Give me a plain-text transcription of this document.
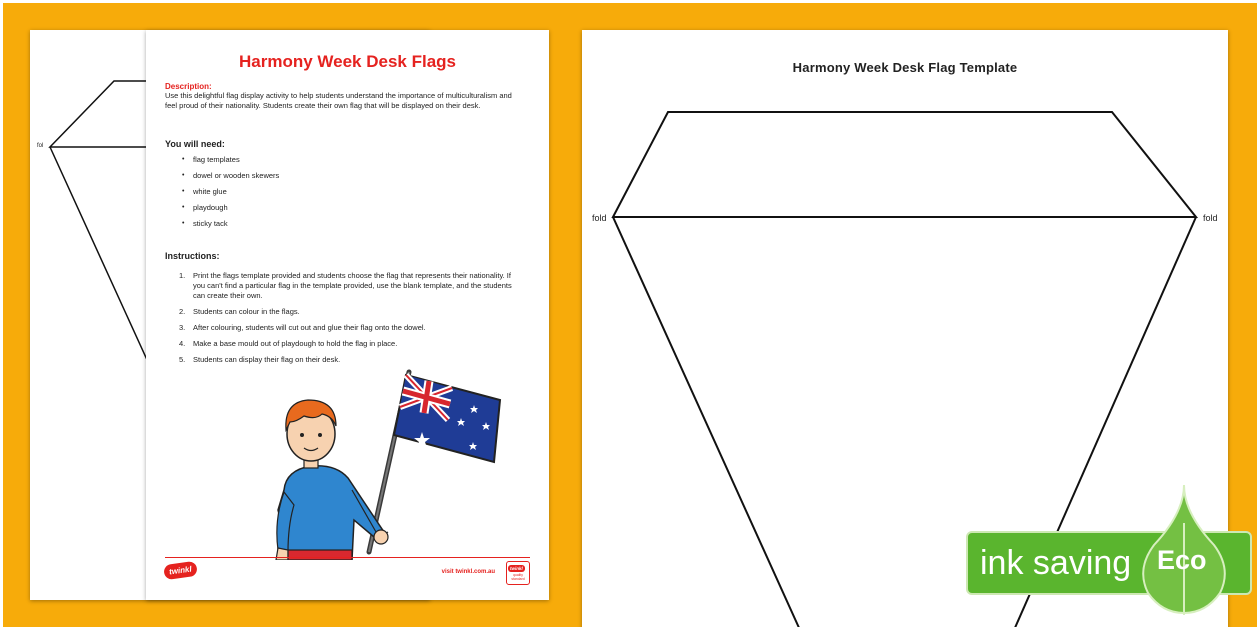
fol
Harmony Week Desk Flags
Description:
Use this delightful flag display activity to help students understand the importance of multiculturalism and feel proud of their nationality. Students create their own flag that will be displayed on their desk.
You will need:
• flag templates
• dowel or wooden skewers
• white glue
• playdough
• sticky tack
Instructions:
1. Print the flags template provided and students choose the flag that represents their nationality. If you can't find a particular flag in the template provided, use the blank template, and the students can create their own.
2. Students can colour in the flags.
3. After colouring, students will cut out and glue their flag onto the dowel.
4. Make a base mould out of playdough to hold the flag in place.
5. Students can display their flag on their desk.
twinkl	visit twinkl.com.au
twinkl
quality standard
Harmony Week Desk Flag Template
fold	fold
ink saving Eco
